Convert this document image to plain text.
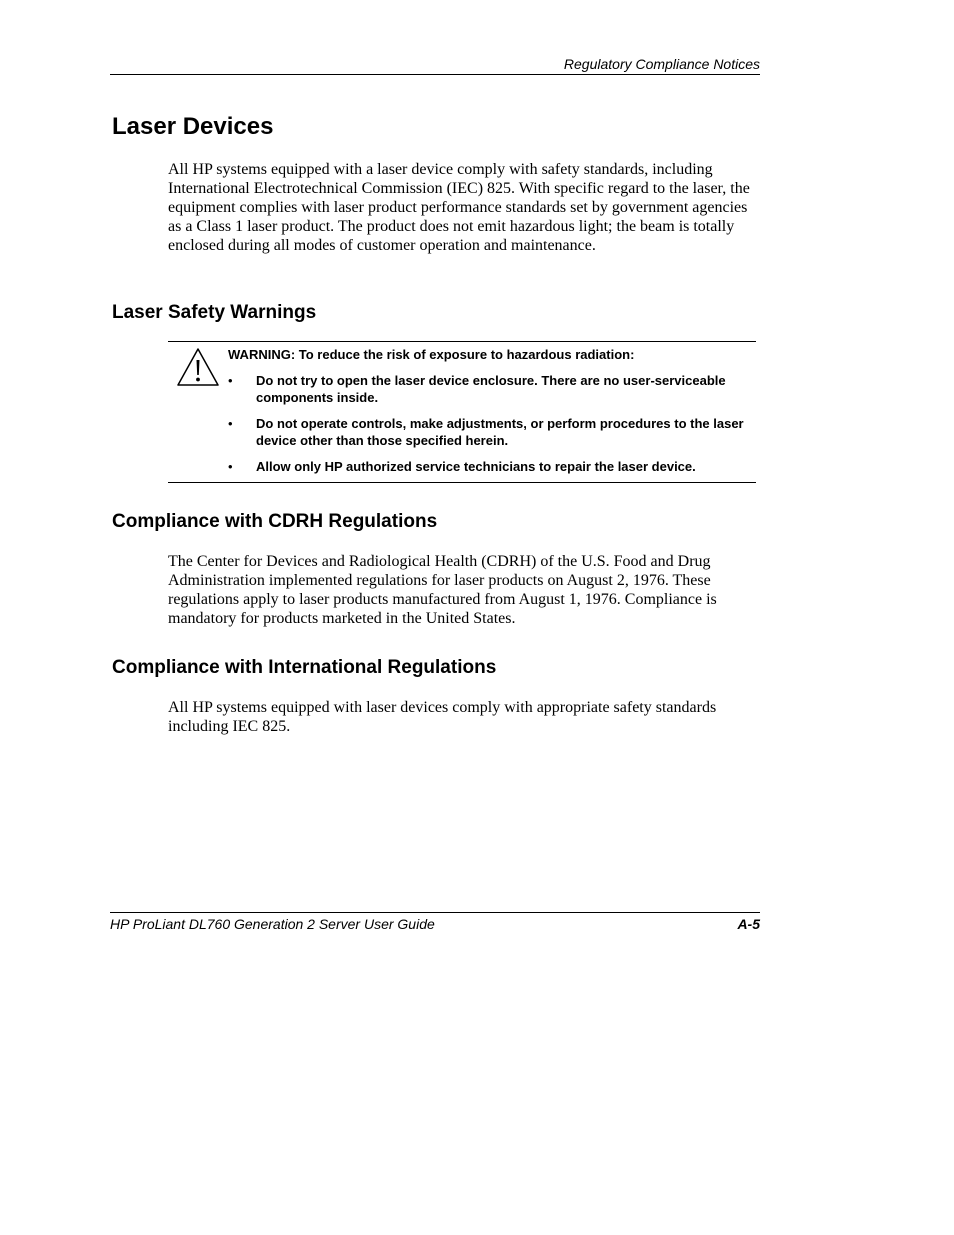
Regulatory Compliance Notices
Laser Devices

All HP systems equipped with a laser device comply with safety standards, including International Electrotechnical Commission (IEC) 825. With specific regard to the laser, the equipment complies with laser product performance standards set by government agencies as a Class 1 laser product. The product does not emit hazardous light; the beam is totally enclosed during all modes of customer operation and maintenance.

Laser Safety Warnings

WARNING: To reduce the risk of exposure to hazardous radiation:

• Do not try to open the laser device enclosure. There are no user-serviceable components inside.
• Do not operate controls, make adjustments, or perform procedures to the laser device other than those specified herein.
• Allow only HP authorized service technicians to repair the laser device.
Compliance with CDRH Regulations

The Center for Devices and Radiological Health (CDRH) of the U.S. Food and Drug Administration implemented regulations for laser products on August 2, 1976. These regulations apply to laser products manufactured from August 1, 1976. Compliance is mandatory for products marketed in the United States.

Compliance with International Regulations

All HP systems equipped with laser devices comply with appropriate safety standards including IEC 825.

HP ProLiant DL760 Generation 2 Server User Guide	A-5
